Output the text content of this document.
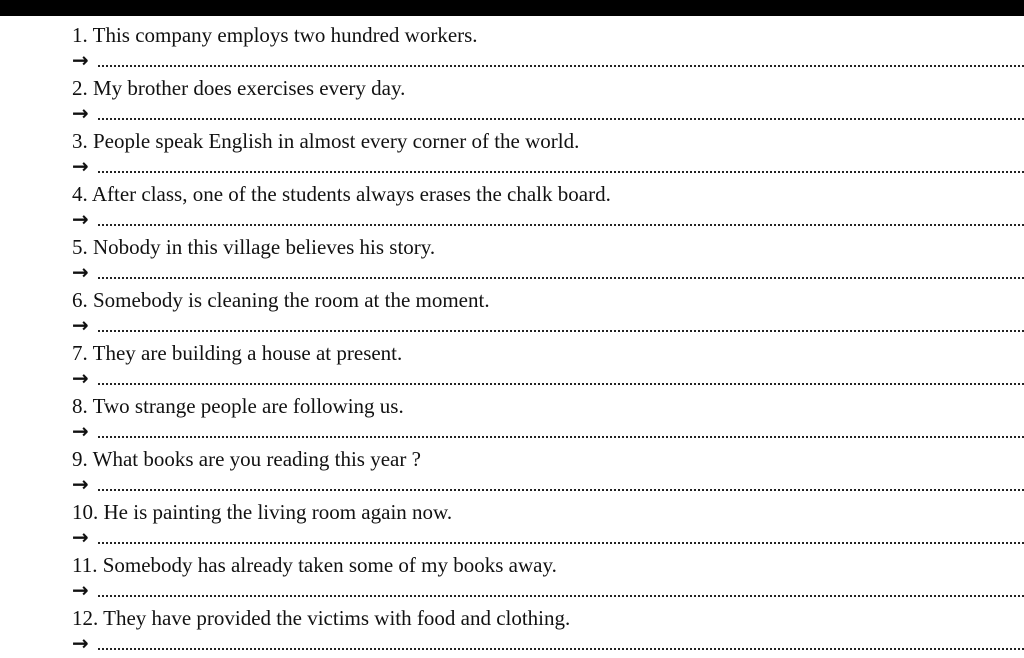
1. This company employs two hundred workers.
→
2. My brother does exercises every day.
→
3. People speak English in almost every corner of the world.
→
4. After class, one of the students always erases the chalk board.
→
5. Nobody in this village believes his story.
→
6. Somebody is cleaning the room at the moment.
→
7. They are building a house at present.
→
8. Two strange people are following us.
→
9. What books are you reading this year ?
→
10. He is painting the living room again now.
→
11. Somebody has already taken some of my books away.
→
12. They have provided the victims with food and clothing.
→
